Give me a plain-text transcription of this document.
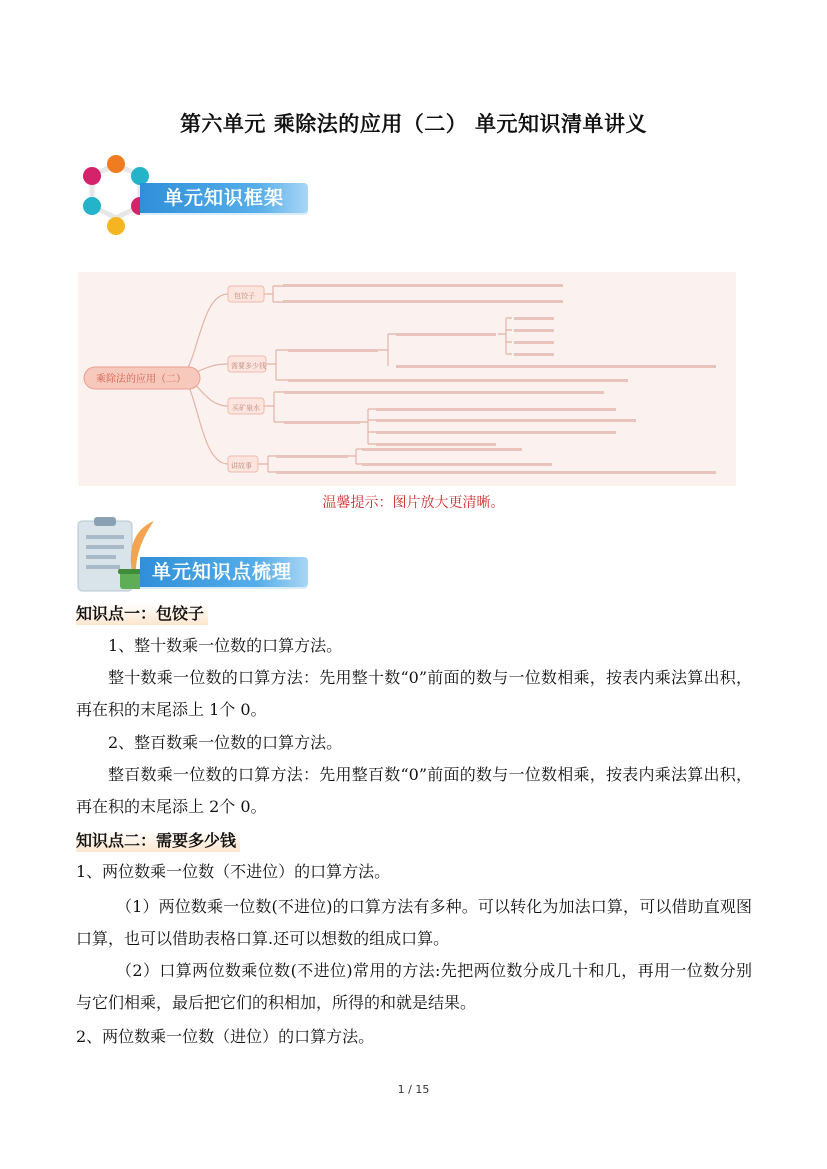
第六单元 乘除法的应用（二） 单元知识清单讲义
单元知识框架
乘除法的应用（二）
包饺子
需要多少钱
买矿泉水
讲故事
温馨提示：图片放大更清晰。
单元知识点梳理
知识点一：包饺子
1、整十数乘一位数的口算方法。
整十数乘一位数的口算方法：先用整十数“0”前面的数与一位数相乘，按表内乘法算出积，再在积的末尾添上 1个 0。
2、整百数乘一位数的口算方法。
整百数乘一位数的口算方法：先用整百数“0”前面的数与一位数相乘，按表内乘法算出积，再在积的末尾添上 2个 0。
知识点二：需要多少钱
1、两位数乘一位数（不进位）的口算方法。
（1）两位数乘一位数(不进位)的口算方法有多种。可以转化为加法口算，可以借助直观图口算，也可以借助表格口算.还可以想数的组成口算。
（2）口算两位数乘位数(不进位)常用的方法:先把两位数分成几十和几，再用一位数分别与它们相乘，最后把它们的积相加，所得的和就是结果。
2、两位数乘一位数（进位）的口算方法。
1 / 15
